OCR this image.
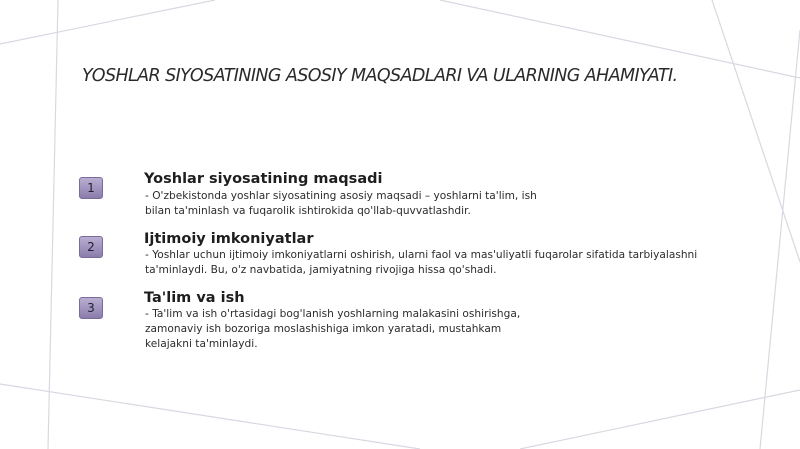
YOSHLAR SIYOSATINING ASOSIY MAQSADLARI VA ULARNING AHAMIYATI.
1
Yoshlar siyosatining maqsadi

- O'zbekistonda yoshlar siyosatining asosiy maqsadi – yoshlarni ta'lim, ish
bilan ta'minlash va fuqarolik ishtirokida qo'llab-quvvatlashdir.

2	Ijtimoiy imkoniyatlar

- Yoshlar uchun ijtimoiy imkoniyatlarni oshirish, ularni faol va mas'uliyatli fuqarolar sifatida tarbiyalashni
ta'minlaydi. Bu, o'z navbatida, jamiyatning rivojiga hissa qo'shadi.

3
Ta'lim va ish

- Ta'lim va ish o'rtasidagi bog'lanish yoshlarning malakasini oshirishga,
zamonaviy ish bozoriga moslashishiga imkon yaratadi, mustahkam
kelajakni ta'minlaydi.
